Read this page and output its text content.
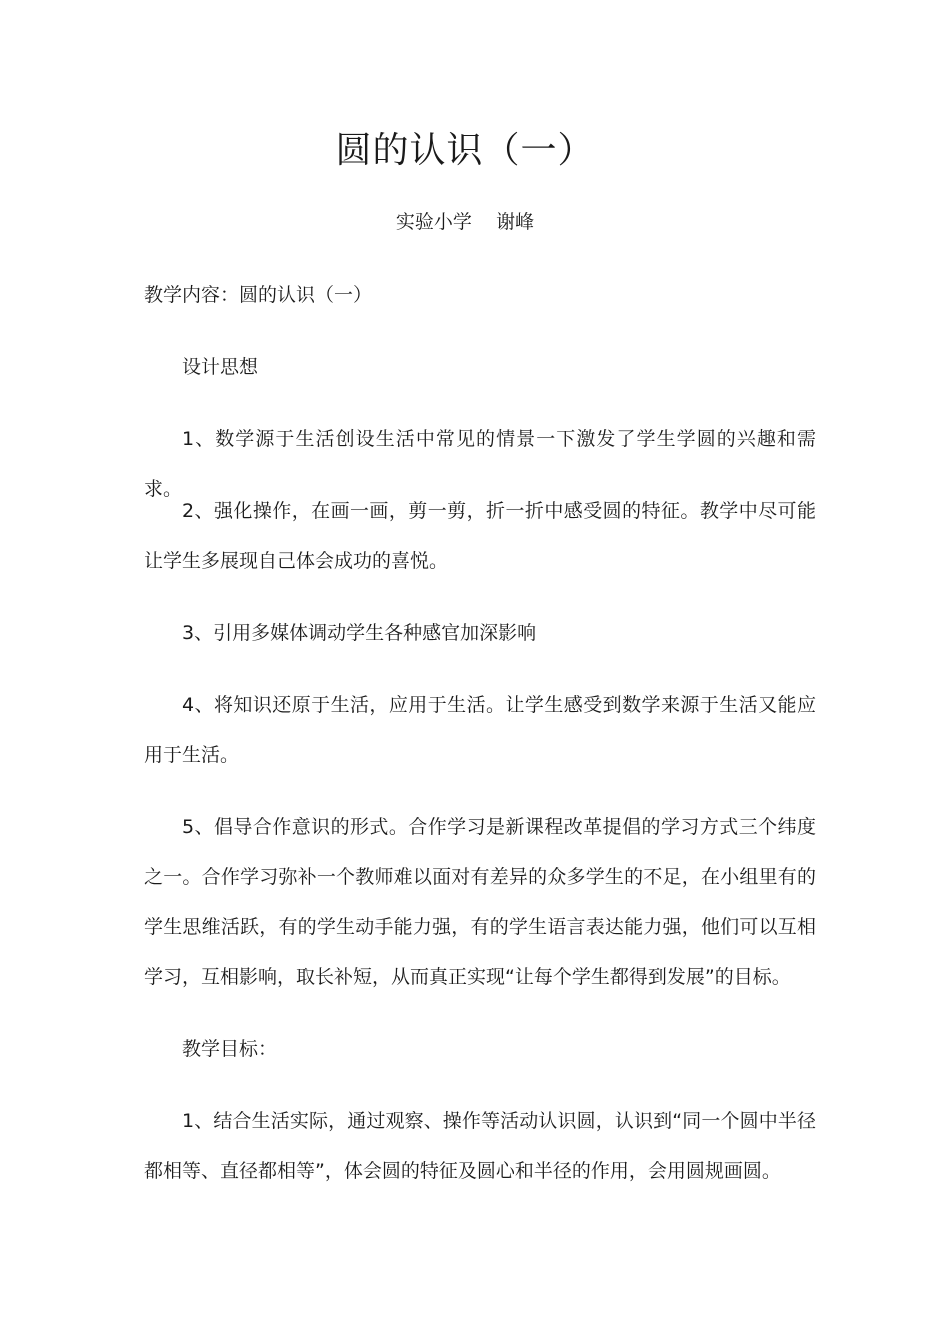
圆的认识（一）
实验小学 谢峰

教学内容：圆的认识（一）

设计思想

1、数学源于生活创设生活中常见的情景一下激发了学生学圆的兴趣和需求。

2、强化操作，在画一画，剪一剪，折一折中感受圆的特征。教学中尽可能让学生多展现自己体会成功的喜悦。

3、引用多媒体调动学生各种感官加深影响

4、将知识还原于生活，应用于生活。让学生感受到数学来源于生活又能应用于生活。

5、倡导合作意识的形式。合作学习是新课程改革提倡的学习方式三个纬度之一。合作学习弥补一个教师难以面对有差异的众多学生的不足，在小组里有的学生思维活跃，有的学生动手能力强，有的学生语言表达能力强，他们可以互相学习，互相影响，取长补短，从而真正实现“让每个学生都得到发展”的目标。

教学目标：

1、结合生活实际，通过观察、操作等活动认识圆，认识到“同一个圆中半径都相等、直径都相等”，体会圆的特征及圆心和半径的作用，会用圆规画圆。
